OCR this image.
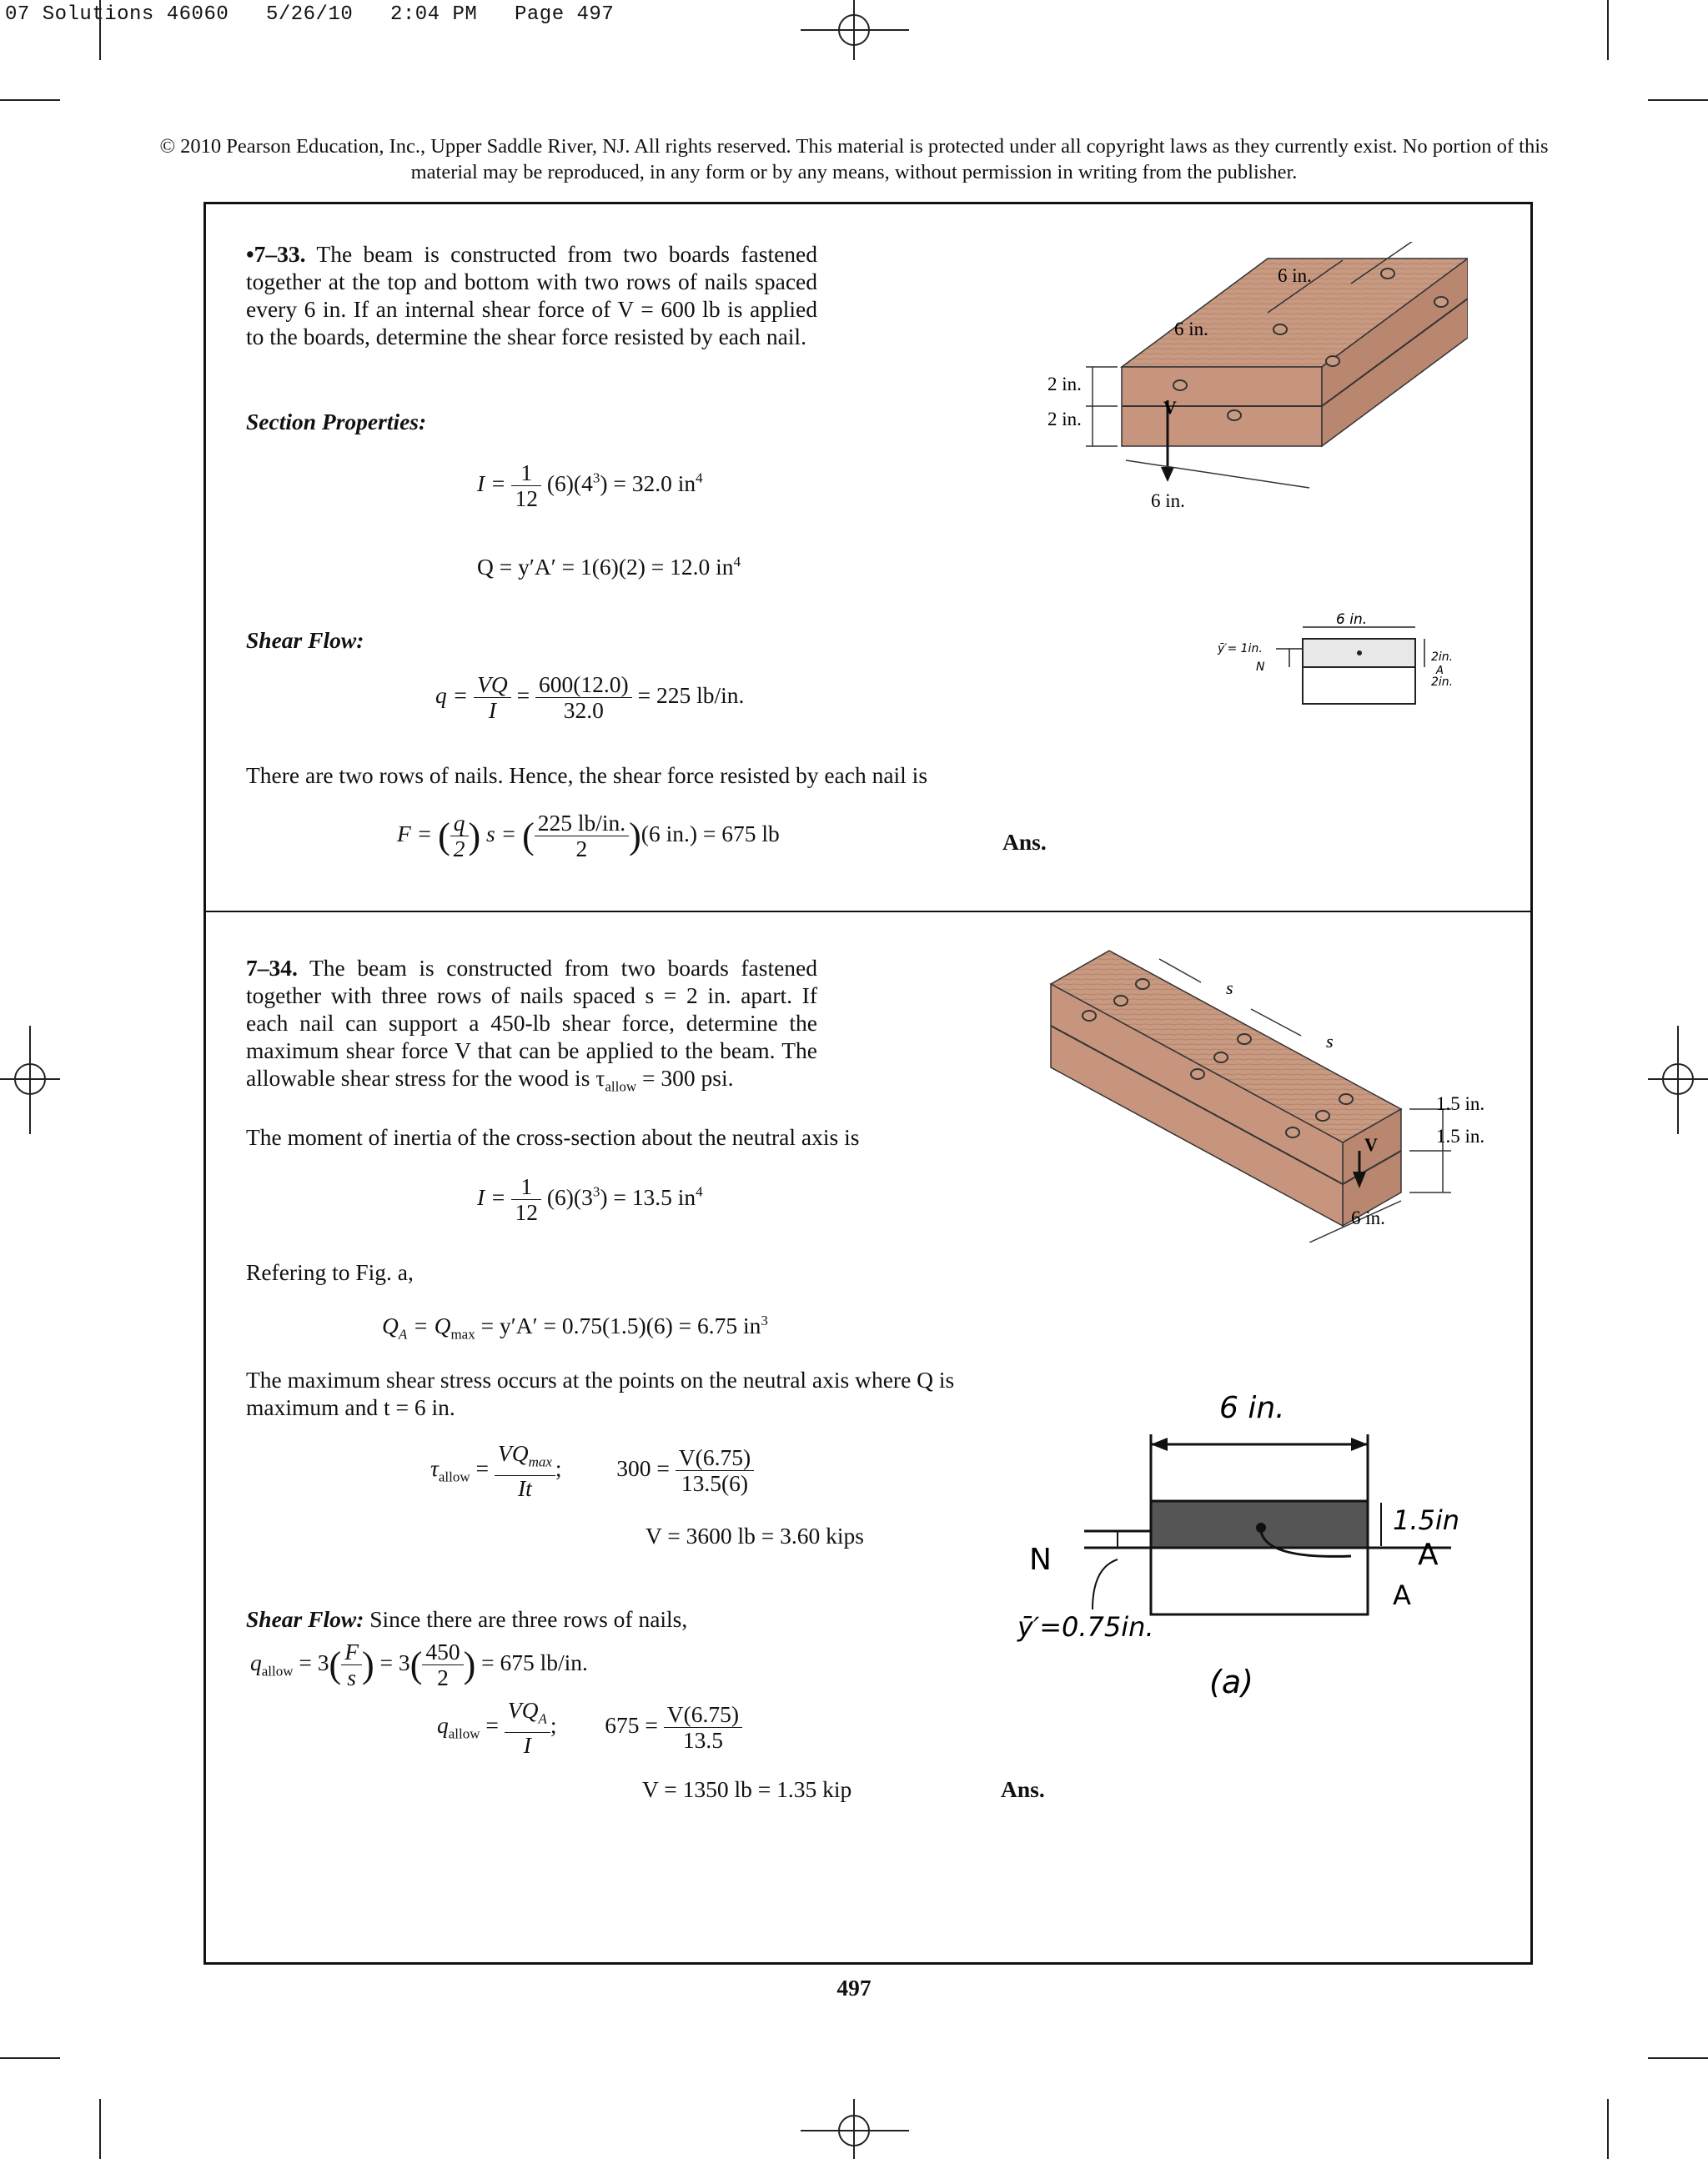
07 Solutions 46060   5/26/10   2:04 PM   Page 497
© 2010 Pearson Education, Inc., Upper Saddle River, NJ. All rights reserved. This material is protected under all copyright laws as they currently exist. No portion of this material may be reproduced, in any form or by any means, without permission in writing from the publisher.
•7–33. The beam is constructed from two boards fastened together at the top and bottom with two rows of nails spaced every 6 in. If an internal shear force of V = 600 lb is applied to the boards, determine the shear force resisted by each nail.
Section Properties:
$I = \frac{1}{12} (6)(4^3) = 32.0$ $in^4$
Q = y′A′ = 1(6)(2) = 12.0 $in^4$
Shear Flow:
$q = \frac{VQ}{I} = \frac{600(12.0)}{32.0} = 225$ lb/in.
There are two rows of nails. Hence, the shear force resisted by each nail is
F = ( $\frac{q}{2}$ ) s = ( $\frac{225 lb/in.}{2} )(6$ in.) = 675 lb	Ans.
V
2 in.
2 in.
6 in.
6 in.
6 in.
6 in.
ȳ′= 1in.
N
2in.
A
2in.
7–34. The beam is constructed from two boards fastened together with three rows of nails spaced s = 2 in. apart. If each nail can support a 450-lb shear force, determine the maximum shear force V that can be applied to the beam. The allowable shear stress for the wood is $\tau_{allow} = 300$ psi.
The moment of inertia of the cross-section about the neutral axis is
$I = \frac{1}{12} (6)(3^3) = 13.5$ $in^4$
Refering to Fig. a,
$Q_A = Q_{max} = y'A' = 0.75(1.5)(6) = 6.75$ $in^3$
The maximum shear stress occurs at the points on the neutral axis where Q is maximum and t = 6 in.
$\tau_{allow} = \frac{VQ_{max}}{It}$ ;  $300 = \frac{V(6.75)}{13.5(6)}$
V = 3600 lb = 3.60 kips
Shear Flow: Since there are three rows of nails,
$q_{allow} = 3( \frac{F}{s}$ ) = $3( \frac{450}{2}$ ) = 675 lb/in.
$q_{allow} = \frac{VQ_A}{I}$ ;  $675 = \frac{V(6.75)}{13.5}$
V = 1350 lb = 1.35 kip	Ans.
V
s
s
1.5 in.
1.5 in.
6 in.
6 in.
1.5in
A
A
N
ȳ′=0.75in.
(a)
497
